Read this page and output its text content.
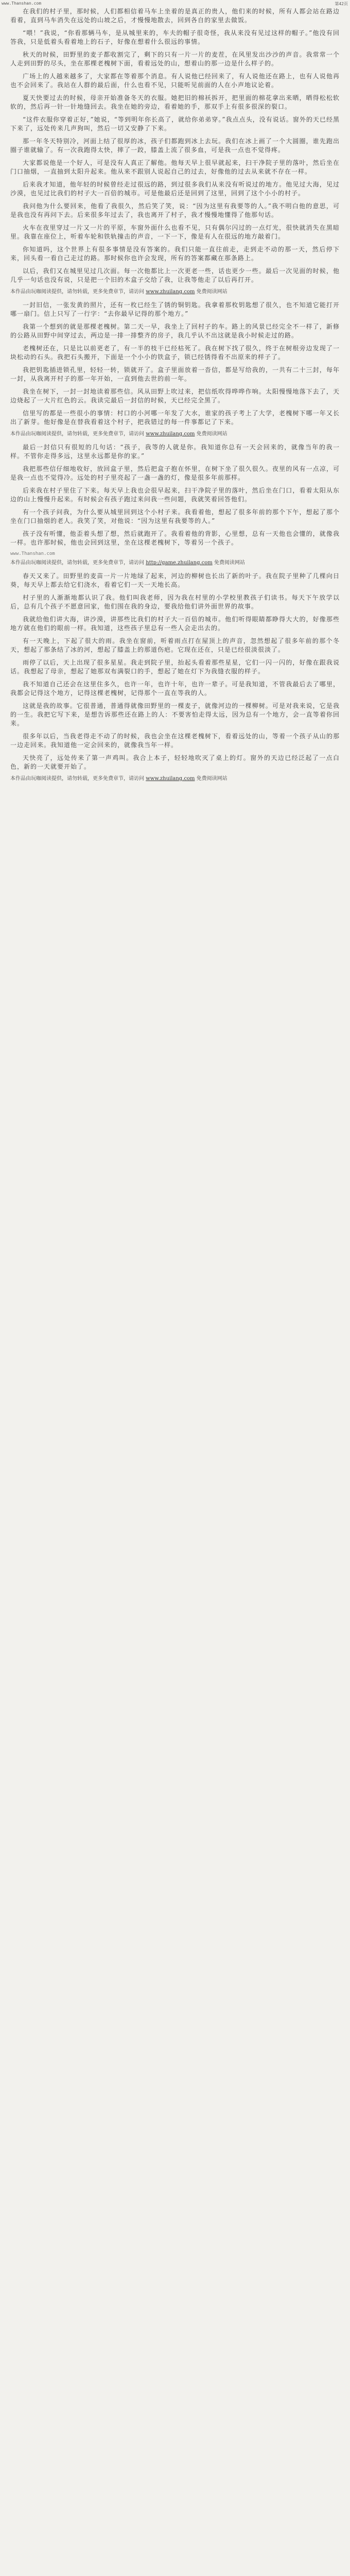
www.Thanshan.com	第42页

在我们的村子里，那时候，人们都相信着马车上坐着的是真正的贵人，他们来的时候，所有人都会站在路边看着，直到马车消失在远处的山坡之后，才慢慢地散去，回到各自的家里去做饭。

“喂！”我说，“你看那辆马车，是从城里来的，车夫的帽子很奇怪，我从来没有见过这样的帽子。”他没有回答我，只是低着头看着地上的石子，好像在想着什么很远的事情。

秋天的时候，田野里的麦子都收割完了，剩下的只有一片一片的麦茬，在风里发出沙沙的声音。我常常一个人走到田野的尽头，坐在那棵老槐树下面，看着远处的山，想着山的那一边是什么样子的。

广场上的人越来越多了，大家都在等着那个消息。有人说他已经回来了，有人说他还在路上，也有人说他再也不会回来了。我站在人群的最后面，什么也看不见，只能听见前面的人在小声地议论着。

夏天快要过去的时候，母亲开始准备冬天的衣服。她把旧的棉袄拆开，把里面的棉花拿出来晒，晒得松松软软的，然后再一针一针地缝回去。我坐在她的旁边，看着她的手，那双手上有很多很深的裂口。

“这件衣服你穿着正好，”她说，“等到明年你长高了，就给你弟弟穿。”我点点头，没有说话。窗外的天已经黑下来了，远处传来几声狗叫，然后一切又安静了下来。

那一年冬天特别冷，河面上结了很厚的冰，孩子们都跑到冰上去玩。我们在冰上画了一个大圆圈，谁先跑出圈子谁就输了。有一次我跑得太快，摔了一跤，膝盖上流了很多血，可是我一点也不觉得疼。

大家都说他是一个好人，可是没有人真正了解他。他每天早上很早就起来，扫干净院子里的落叶，然后坐在门口抽烟，一直抽到太阳升起来。他从来不跟别人说起自己的过去，好像他的过去从来就不存在一样。

后来我才知道，他年轻的时候曾经走过很远的路，到过很多我们从来没有听说过的地方。他见过大海，见过沙漠，也见过比我们的村子大一百倍的城市。可是他最后还是回到了这里，回到了这个小小的村子。

我问他为什么要回来，他看了我很久，然后笑了笑，说：“因为这里有我要等的人。”我不明白他的意思，可是我也没有再问下去。后来很多年过去了，我也离开了村子，我才慢慢地懂得了他那句话。

火车在夜里穿过一片又一片的平原，车窗外面什么也看不见，只有偶尔闪过的一点灯光，很快就消失在黑暗里。我靠在座位上，听着车轮和铁轨撞击的声音，一下一下，像是有人在很远的地方敲着门。

你知道吗，这个世界上有很多事情是没有答案的。我们只能一直往前走，走到走不动的那一天，然后停下来，回头看一看自己走过的路。那时候你也许会发现，所有的答案都藏在那条路上。

以后，我们又在城里见过几次面。每一次他都比上一次更老一些，话也更少一些。最后一次见面的时候，他几乎一句话也没有说，只是把一个旧的木盒子交给了我，让我等他走了以后再打开。

本作品由玩咖阅读提供，请勿转载，更多免费章节，请访问 www.zhuilang.com 免费阅读网站

一封旧信，一张发黄的照片，还有一枚已经生了锈的铜钥匙。我拿着那枚钥匙想了很久，也不知道它能打开哪一扇门。信上只写了一行字：“去你最早记得的那个地方。”

我第一个想到的就是那棵老槐树。第二天一早，我坐上了回村子的车。路上的风景已经完全不一样了，新修的公路从田野中间穿过去，两边是一排一排整齐的房子，我几乎认不出这就是我小时候走过的路。

老槐树还在，只是比以前更老了，有一半的枝干已经枯死了。我在树下找了很久，终于在树根旁边发现了一块松动的石头。我把石头搬开，下面是一个小小的铁盒子，锁已经锈得看不出原来的样子了。

我把钥匙插进锁孔里，轻轻一转，锁就开了。盒子里面放着一沓信，都是写给我的，一共有二十三封，每年一封，从我离开村子的那一年开始，一直到他去世的前一年。

我坐在树下，一封一封地读着那些信。风从田野上吹过来，把信纸吹得哗哗作响。太阳慢慢地落下去了，天边烧起了一大片红色的云。我读完最后一封信的时候，天已经完全黑了。

信里写的都是一些很小的事情：村口的小河哪一年发了大水，谁家的孩子考上了大学，老槐树下哪一年又长出了新芽。他好像是在替我看着这个村子，把我错过的每一件事都记了下来。

本作品由玩咖阅读提供，请勿转载，更多免费章节，请访问 www.zhuilang.com 免费阅读网站

最后一封信只有很短的几句话：“孩子，我等的人就是你。我知道你总有一天会回来的，就像当年的我一样。不管你走得多远，这里永远都是你的家。”

我把那些信仔细地收好，放回盒子里，然后把盒子抱在怀里，在树下坐了很久很久。夜里的风有一点凉，可是我一点也不觉得冷。远处的村子里亮起了一盏一盏的灯，像是很多年前那样。

后来我在村子里住了下来。每天早上我也会很早起来，扫干净院子里的落叶，然后坐在门口，看着太阳从东边的山上慢慢升起来。有时候会有孩子跑过来问我一些问题，我就笑着回答他们。

有一个孩子问我，为什么要从城里回到这个小村子来。我看着他，想起了很多年前的那个下午，想起了那个坐在门口抽烟的老人。我笑了笑，对他说：“因为这里有我要等的人。”

孩子没有听懂，他歪着头想了想，然后就跑开了。我看着他的背影，心里想，总有一天他也会懂的，就像我一样。也许那时候，他也会回到这里，坐在这棵老槐树下，等着另一个孩子。

www.Thanshan.com
本作品由玩咖阅读提供，请勿转载，更多免费章节，请访问 http://game.zhuilang.com 免费阅读网站

春天又来了。田野里的麦苗一片一片地绿了起来，河边的柳树也长出了新的叶子。我在院子里种了几棵向日葵，每天早上都去给它们浇水，看着它们一天一天地长高。

村子里的人渐渐地都认识了我。他们叫我老师，因为我在村里的小学校里教孩子们读书。每天下午放学以后，总有几个孩子不愿意回家，他们围在我的身边，要我给他们讲外面世界的故事。

我就给他们讲大海，讲沙漠，讲那些比我们的村子大一百倍的城市。他们听得眼睛都睁得大大的，好像那些地方就在他们的眼前一样。我知道，这些孩子里总有一些人会走出去的。

有一天晚上，下起了很大的雨。我坐在窗前，听着雨点打在屋顶上的声音，忽然想起了很多年前的那个冬天，想起了那条结了冰的河，想起了膝盖上的那道伤疤。它现在还在，只是已经很淡很淡了。

雨停了以后，天上出现了很多星星。我走到院子里，抬起头看着那些星星，它们一闪一闪的，好像在跟我说话。我想起了母亲，想起了她那双布满裂口的手，想起了她在灯下为我缝衣服的样子。

我不知道自己还会在这里住多久，也许一年，也许十年，也许一辈子。可是我知道，不管我最后去了哪里，我都会记得这个地方，记得这棵老槐树，记得那个一直在等我的人。

这就是我的故事。它很普通，普通得就像田野里的一棵麦子，就像河边的一棵柳树。可是对我来说，它是我的一生。我把它写下来，是想告诉那些还在路上的人：不要害怕走得太远，因为总有一个地方，会一直等着你回来。

很多年以后，当我老得走不动了的时候，我也会坐在这棵老槐树下，看着远处的山，等着一个孩子从山的那一边走回来。我知道他一定会回来的，就像我当年一样。

天快亮了，远处传来了第一声鸡叫。我合上本子，轻轻地吹灭了桌上的灯。窗外的天边已经泛起了一点白色，新的一天就要开始了。

本作品由玩咖阅读提供，请勿转载，更多免费章节，请访问 www.zhuilang.com 免费阅读网站
